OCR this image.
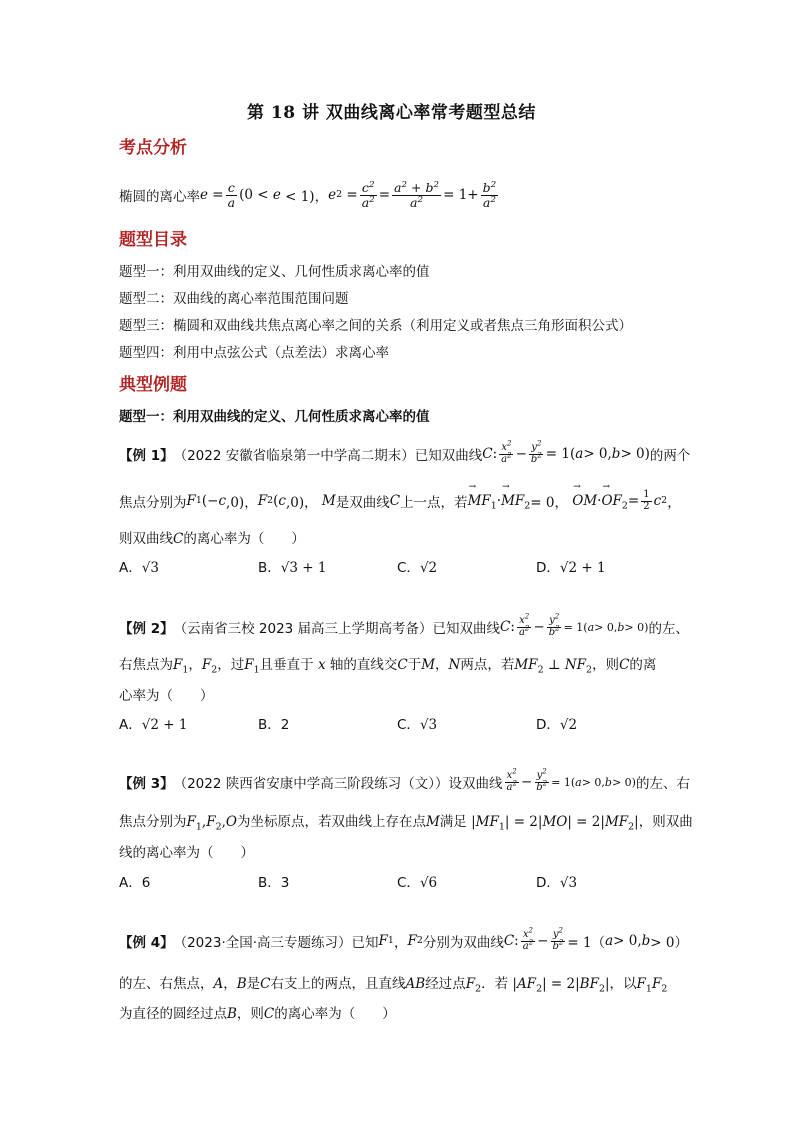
第 18 讲 双曲线离心率常考题型总结
考点分析
椭圆的离心率 e
= $\frac{c}{a} (0 < e < 1)$， e 2
= $\frac{c^2}{a^2} = \frac{a^2 + b^2}{a^2} = 1+ \frac{b^2}{a^2}$
题型目录
题型一：利用双曲线的定义、几何性质求离心率的值
题型二：双曲线的离心率范围范围问题
题型三：椭圆和双曲线共焦点离心率之间的关系（利用定义或者焦点三角形面积公式）
题型四：利用中点弦公式（点差法）求离心率
典型例题
题型一：利用双曲线的定义、几何性质求离心率的值
【例 1】 （2022 安徽省临泉第一中学高二期末）已知双曲线 C : $\frac{x^2}{a^2} - \frac{y^2}{b^2} = 1$( a > 0, b > 0) 的两个
焦点分别为 F 1 (− c ,0)， F 2 ( c ,0)， M 是双曲线 C 上一点，若 → $MF_1$ · → $MF_2 = 0$， → OM · → $OF_2 = \frac{1}{2}$ c 2 ，
则双曲线C的离心率为（　　）
A．√3	B．√3 + 1	C．√2	D．√2 + 1
【例 2】 （云南省三校 2023 届高三上学期高考备）已知双曲线 C : $\frac{x^2}{a^2} - \frac{y^2}{b^2} = 1$( a > 0, b > 0) 的左、
右焦点为$F_1$，$F_2$，过$F_1$且垂直于 x 轴的直线交C于M，N两点，若$MF_2$ ⊥ $NF_2$，则C的离
心率为（　　）
A．√2 + 1	B．2	C．√3	D．√2
【例 3】 （2022 陕西省安康中学高三阶段练习（文））设双曲线 $\frac{x^2}{a^2} - \frac{y^2}{b^2} = 1$( a > 0, b > 0) 的左、右
焦点分别为$F_1,F_2,O$为坐标原点，若双曲线上存在点M满足 $|MF_1| = 2|MO| = 2|MF_2|$，则双曲
线的离心率为（　　）
A．6	B．3	C．√6	D．√3
【例 4】 （2023·全国·高三专题练习）已知 F 1 ， F 2 分别为双曲线 C : $\frac{x^2}{a^2} - \frac{y^2}{b^2} = 1$（ a > 0, b > 0）
的左、右焦点，A，B是C右支上的两点，且直线AB经过点$F_2$．若 $|AF_2| = 2|BF_2|$，以$F_1F_2$
为直径的圆经过点B，则C的离心率为（　　）
